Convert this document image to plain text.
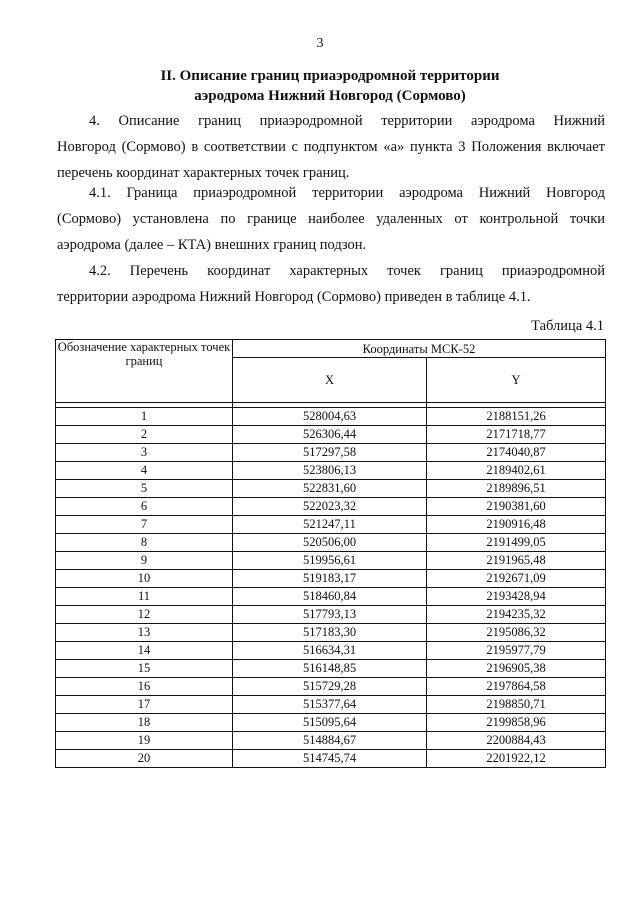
3
II. Описание границ приаэродромной территории
аэродрома Нижний Новгород (Сормово)
4. Описание границ приаэродромной территории аэродрома Нижний
Новгород (Сормово) в соответствии с подпунктом «а» пункта 3 Положения включает
перечень координат характерных точек границ.
4.1. Граница приаэродромной территории аэродрома Нижний Новгород
(Сормово) установлена по границе наиболее удаленных от контрольной точки
аэродрома (далее – КТА) внешних границ подзон.
4.2. Перечень координат характерных точек границ приаэродромной
территории аэродрома Нижний Новгород (Сормово) приведен в таблице 4.1.
Таблица 4.1
Обозначение характерных точек границ	Координаты МСК-52	
	X	Y

1	528004,63	2188151,26
2	526306,44	2171718,77
3	517297,58	2174040,87
4	523806,13	2189402,61
5	522831,60	2189896,51
6	522023,32	2190381,60
7	521247,11	2190916,48
8	520506,00	2191499,05
9	519956,61	2191965,48
10	519183,17	2192671,09
11	518460,84	2193428,94
12	517793,13	2194235,32
13	517183,30	2195086,32
14	516634,31	2195977,79
15	516148,85	2196905,38
16	515729,28	2197864,58
17	515377,64	2198850,71
18	515095,64	2199858,96
19	514884,67	2200884,43
20	514745,74	2201922,12
